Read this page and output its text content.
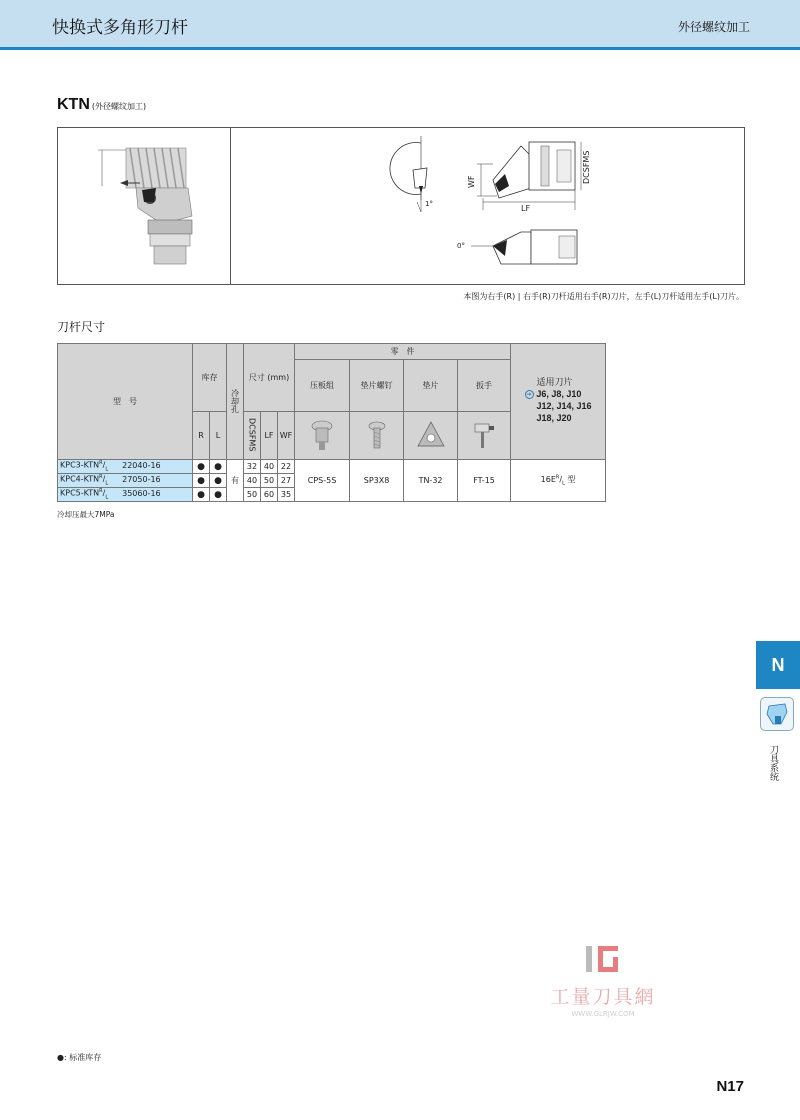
快换式多角形刀杆	外径螺纹加工
KTN (外径螺纹加工)
1°
WF
LF
DCSFMS
0°
本图为右手(R) | 右手(R)刀杆适用右手(R)刀片，左手(L)刀杆适用左手(L)刀片。
刀杆尺寸
型　号	库存		冷却孔	尺寸 (mm)			零　件				适用刀片
➜ J6, J8, J10
J12, J14, J16
J18, J20

							压板组	垫片螺钉	垫片	扳手	
	R	L		DCSFMS	LF	WF				
$KPC3-KTN^R/_L$ 22040-16	●	●	有	32	40	22	CPS-5S	SP3X8	TN-32	FT-15	$16E^R/_L$ 型
$KPC4-KTN^R/_L$ 27050-16	●	●		40	50	27					
$KPC5-KTN^R/_L$ 35060-16	●	●		50	60	35					
冷却压最大7MPa
N
刀具系统
工量刀具網
WWW.GLRJW.COM
●: 标准库存
N17
